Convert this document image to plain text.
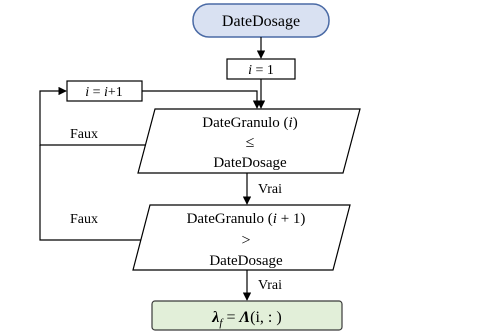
DateDosage
i = 1
i = i+1
DateGranulo (i)
≤
DateDosage
Faux
Vrai
DateGranulo (i + 1)
>
DateDosage
Faux
Vrai
$\lambda_f = \Lambda(i$, : )
